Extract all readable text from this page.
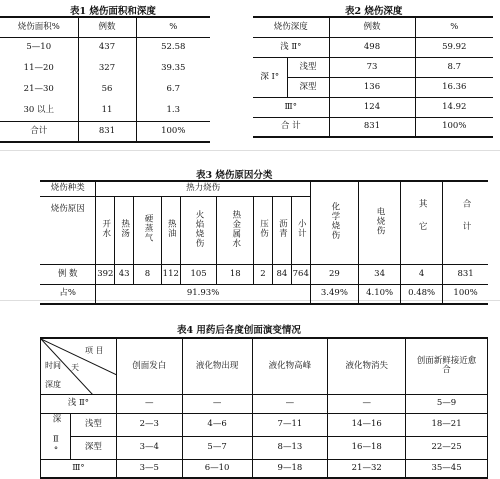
表1 烧伤面积和深度
烧伤面积%	例数	%
5—10	437	52.58
11—20	327	39.35
21—30	56	6.7
30 以上	11	1.3
合计	831	100%
表2 烧伤深度
烧伤深度		例数	%
浅 Ⅱ°		498	59.92
深 Ⅰ°	浅型	73	8.7
	深型	136	16.36
Ⅲ°		124	14.92
合 计		831	100%
表3 烧伤原因分类
烧伤种类	热力烧伤									化学烧伤	电烧伤	其它	合计
烧伤原因	开水	热汤	硬蒸气	热油	火焰烧伤	热金属水	压伤	沥青	小计				
例 数	392	43	8	112	105	18	2	84	764	29	34	4	831
占%	91.93%									3.49%	4.10%	0.48%	100%
表4 用药后各度创面演变情况
项 目
时间 天
深度		创面发白	液化物出现	液化物高峰	液化物消失	创面新鲜接近愈合
浅 Ⅱ°		—	—	—	—	5—9
深 Ⅱ°	浅型	2—3	4—6	7—11	14—16	18—21
	深型	3—4	5—7	8—13	16—18	22—25
Ⅲ°		3—5	6—10	9—18	21—32	35—45
